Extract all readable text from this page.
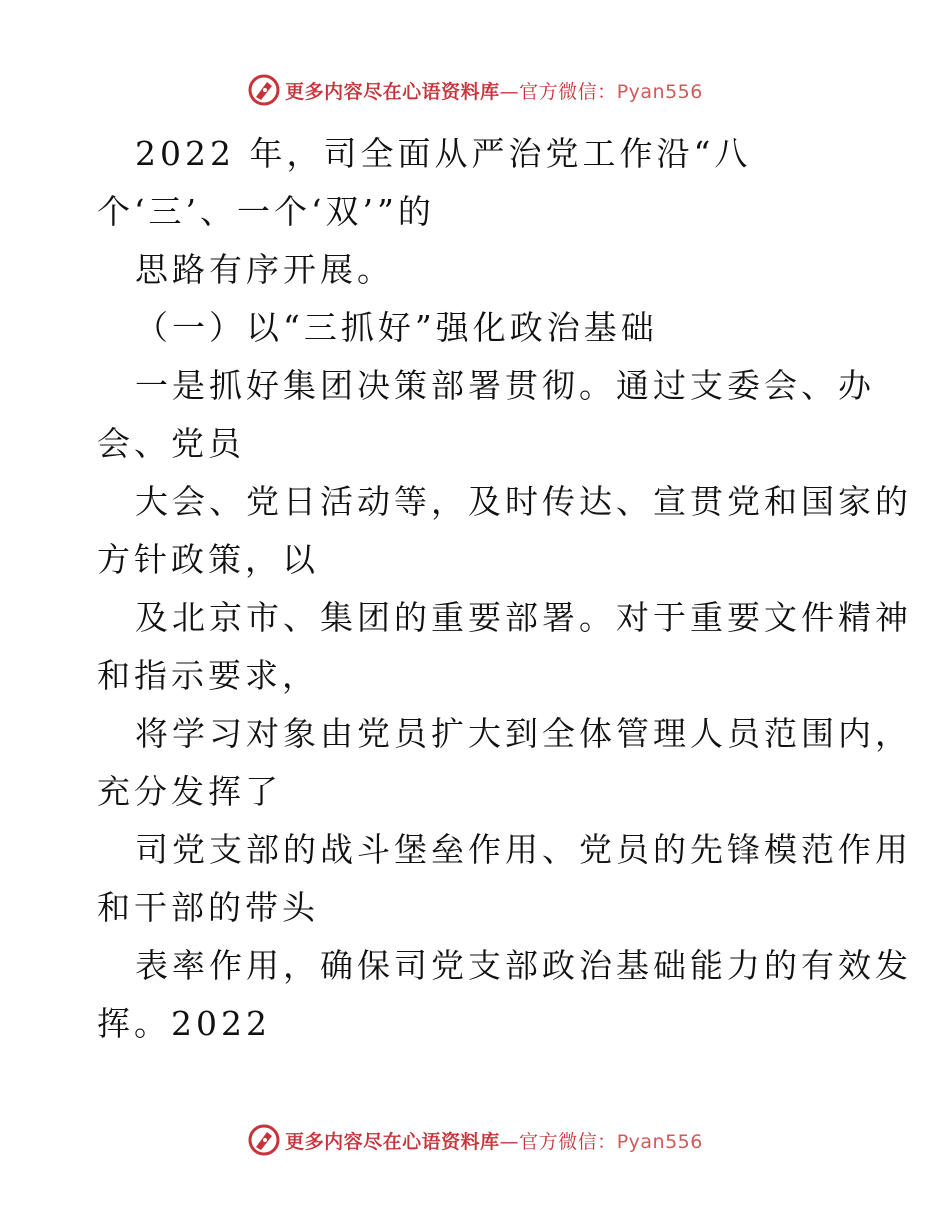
更多内容尽在心语资料库—官方微信：Pyan556
2022 年，司全面从严治党工作沿“八
个‘三’、一个‘双’”的
思路有序开展。
（一）以“三抓好”强化政治基础
一是抓好集团决策部署贯彻。通过支委会、办
会、党员
大会、党日活动等，及时传达、宣贯党和国家的
方针政策，以
及北京市、集团的重要部署。对于重要文件精神
和指示要求，
将学习对象由党员扩大到全体管理人员范围内，
充分发挥了
司党支部的战斗堡垒作用、党员的先锋模范作用
和干部的带头
表率作用，确保司党支部政治基础能力的有效发
挥。2022
更多内容尽在心语资料库—官方微信：Pyan556
